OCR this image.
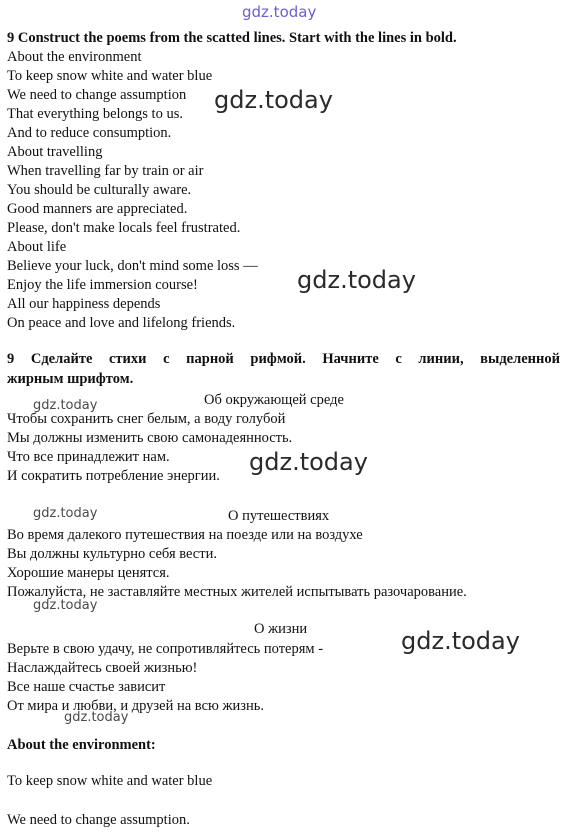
gdz.today
9 Construct the poems from the scatted lines. Start with the lines in bold.
About the environment
To keep snow white and water blue
We need to change assumption
That everything belongs to us.
And to reduce consumption.
About travelling
When travelling far by train or air
You should be culturally aware.
Good manners are appreciated.
Please, don't make locals feel frustrated.
About life
Believe your luck, don't mind some loss —
Enjoy the life immersion course!
All our happiness depends
On peace and love and lifelong friends.
gdz.today
gdz.today
9 Сделайте стихи с парной рифмой. Начните с линии, выделенной
жирным шрифтом.
Об окружающей среде
Чтобы сохранить снег белым, а воду голубой
Мы должны изменить свою самонадеянность.
Что все принадлежит нам.
И сократить потребление энергии.
О путешествиях
Во время далекого путешествия на поезде или на воздухе
Вы должны культурно себя вести.
Хорошие манеры ценятся.
Пожалуйста, не заставляйте местных жителей испытывать разочарование.
О жизни
Верьте в свою удачу, не сопротивляйтесь потерям -
Наслаждайтесь своей жизнью!
Все наше счастье зависит
От мира и любви, и друзей на всю жизнь.
gdz.today
gdz.today
gdz.today
gdz.today
gdz.today
gdz.today
About the environment:
To keep snow white and water blue
We need to change assumption.
